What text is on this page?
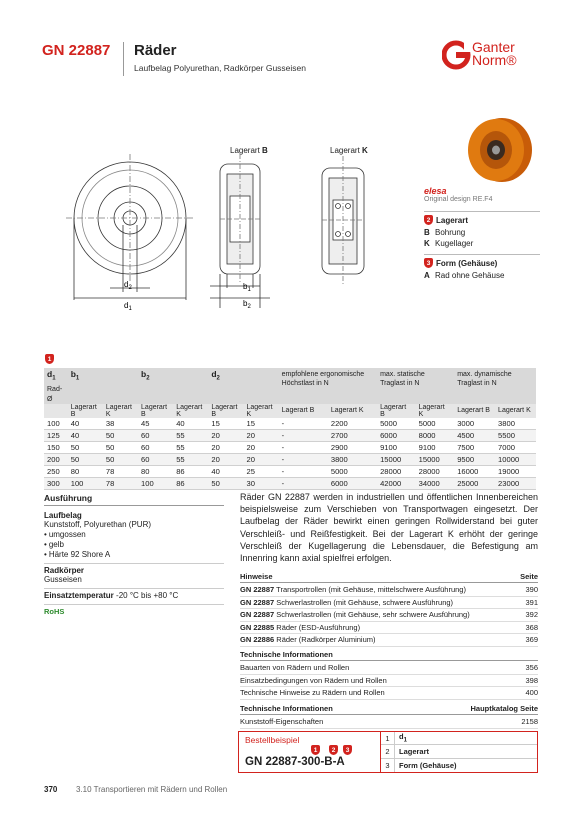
GN 22887 Räder
Laufbelag Polyurethan, Radkörper Gusseisen
Ganter
Norm®
Lagerart B	Lagerart K
$d_2$
$d_1$
$b_1$
$b_2$
elesa
Original design RE.F4
2 Lagerart
B Bohrung
K Kugellager
3 Form (Gehäuse)
A Rad ohne Gehäuse
1
$d_1$
Rad-Ø	$b_1$		$b_2$		$d_2$		empfohlene ergonomische Höchstlast in N		max. statische Traglast in N		max. dynamische Traglast in N	
	Lagerart B	Lagerart K	Lagerart B	Lagerart K	Lagerart B	Lagerart K	Lagerart B	Lagerart K	Lagerart B	Lagerart K	Lagerart B	Lagerart K
100	40	38	45	40	15	15	-	2200	5000	5000	3000	3800
125	40	50	60	55	20	20	-	2700	6000	8000	4500	5500
150	50	50	60	55	20	20	-	2900	9100	9100	7500	7000
200	50	50	60	55	20	20	-	3800	15000	15000	9500	10000
250	80	78	80	86	40	25	-	5000	28000	28000	16000	19000
300	100	78	100	86	50	30	-	6000	42000	34000	25000	23000
Ausführung
Laufbelag
Kunststoff, Polyurethan (PUR)
• umgossen
• gelb
• Härte 92 Shore A
Radkörper
Gusseisen
Einsatztemperatur -20 °C bis +80 °C
RoHS
Räder GN 22887 werden in industriellen und öffentlichen Innenbereichen beispielsweise zum Verschieben von Transportwagen eingesetzt. Der Laufbelag der Räder bewirkt einen geringen Rollwiderstand bei guter Verschleiß- und Reißfestigkeit. Bei der Lagerart K erhöht der geringe Verschleiß der Kugellagerung die Lebensdauer, die Befestigung am Innenring kann axial spielfrei erfolgen.
Hinweise	Seite
GN 22887 Transportrollen (mit Gehäuse, mittelschwere Ausführung)	390
GN 22887 Schwerlastrollen (mit Gehäuse, schwere Ausführung)	391
GN 22887 Schwerlastrollen (mit Gehäuse, sehr schwere Ausführung)	392
GN 22885 Räder (ESD-Ausführung)	368
GN 22886 Räder (Radkörper Aluminium)	369
Technische Informationen
Bauarten von Rädern und Rollen	356
Einsatzbedingungen von Rädern und Rollen	398
Technische Hinweise zu Rädern und Rollen	400
Technische Informationen	Hauptkatalog Seite
Kunststoff-Eigenschaften	2158
Bestellbeispiel
1	2	3
GN 22887-300-B-A
1	$d_1$
2	Lagerart
3	Form (Gehäuse)
370 3.10 Transportieren mit Rädern und Rollen
